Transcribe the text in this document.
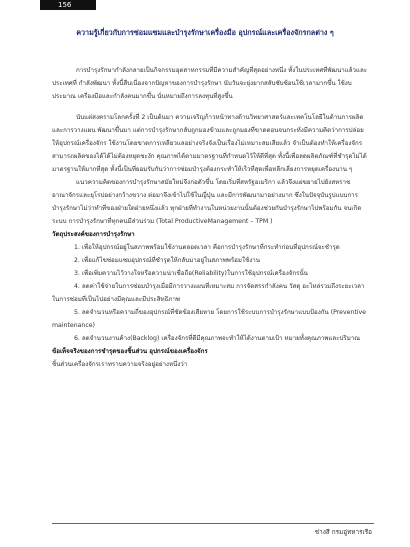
156
ความรู้เกี่ยวกับการซ่อมแซมและบำรุงรักษาเครื่องมือ อุปกรณ์และเครื่องจักรกลต่าง ๆ

การบำรุงรักษากำลังกลายเป็นกิจกรรมอุตสาหกรรมที่มีความสำคัญที่สุดอย่างหนึ่ง ทั้งในประเทศที่พัฒนาแล้วและประเทศที่ กำลังพัฒนา ทั้งนี้สืบเนื่องจากปัญหาของการบำรุงรักษา นับวันจะยุ่งยากสลับซับซ้อนใช้เวลามากขึ้น ใช้งบประมาณ เครื่องมือและกำลังคนมากขึ้น นั่นหมายถึงการลงทุนที่สูงขึ้น

นับแต่สงครามโลกครั้งที่ 2 เป็นต้นมา ความเจริญก้าวหน้าทางด้านวิทยาศาสตร์และเทคโนโลยีในด้านการผลิตและการวางแผน พัฒนาขึ้นมา แต่การบำรุงรักษากลับถูกมองข้ามและถูกมองที่ขาดตอนจนกระทั่งมีความคิดว่าการปล่อยให้อุปกรณ์เครื่องจักร ใช้งานโดยขาดการเหลียวแลอย่างจริงจังเป็นเรื่องไม่เหมาะสมเสียแล้ว จำเป็นต้องทำให้เครื่องจักรสามารถผลิตของได้ได้ไม่ต้องหยุดชะงัก คุณภาพได้ตามมาตรฐานที่กำหนดไว้ให้ดีที่สุด ทั้งนี้เพื่อลดผลิตภัณฑ์ที่ชำรุดไม่ได้มาตรฐานให้มากที่สุด ทั้งนี้เป็นที่ยอมรับกันว่าการซ่อมบำรุงต้องกระทำให้เร็วที่สุดเพื่อหลีกเลี่ยงการหยุดเครื่องนาน ๆ

แนวความคิดของการบำรุงรักษาสมัยใหม่จึงก่อตัวขึ้น โดยเริ่มที่สหรัฐอเมริกา แล้วจึงแผ่ขยายไปยังสหราชอาณาจักรและยุโรปอย่างกว้างขวาง ต่อมาจึงเข้าไปใช้ในญี่ปุ่น และมีการพัฒนามาอย่างมาก ซึ่งในปัจจุบันรูปแบบการบำรุงรักษาไม่ว่าทำที่ของฝ่ายใดฝ่ายหนึ่งแล้ว ทุกฝ่ายที่ทำงานในหน่วยงานนั้นต้องช่วยกันบำรุงรักษาไปพร้อมกัน จนเกิดระบบ การบำรุงรักษาที่ทุกคนมีส่วนร่วม (Total ProductiveManagement – TPM )

วัตถุประสงค์ของการบำรุงรักษา

1. เพื่อให้อุปกรณ์อยู่ในสภาพพร้อมใช้งานตลอดเวลา คือการบำรุงรักษาที่กระทำก่อนที่อุปกรณ์จะชำรุด

2. เพื่อแก้ไขซ่อมแซมอุปกรณ์ที่ชำรุดให้กลับมาอยู่ในสภาพพร้อมใช้งาน

3. เพื่อเพิ่มความไว้วางใจหรือความน่าเชื่อถือ(Reliability)ในการใช้อุปกรณ์เครื่องจักรนั้น

4. ลดค่าใช้จ่ายในการซ่อมบำรุงเมื่อมีการวางแผนที่เหมาะสม การจัดสรรกำลังคน วัสดุ อะไหล่รวมถึงระยะเวลาในการซ่อมที่เป็นไปอย่างมีคุณและมีประสิทธิภาพ

5. ลดจำนวนหรือความถี่ของอุปกรณ์ที่ชัดข้องเสียหาย โดยการใช้ระบบการบำรุงรักษาแบบป้องกัน (Preventive maintenance)

6. ลดจำนวนงานค้าง(Backlog) เครื่องจักรที่ดีมีคุณภาพจะทำให้ได้งานตามเป้า หมายทั้งคุณภาพและปริมาณ

ข้อเท็จจริงของการชำรุดของชิ้นส่วน อุปกรณ์ของเครื่องจักร

ชิ้นส่วนเครื่องจักรเราทราบความจริงอยู่อย่างหนึ่งว่า

ช่างสี กรมอู่ทหารเรือ
